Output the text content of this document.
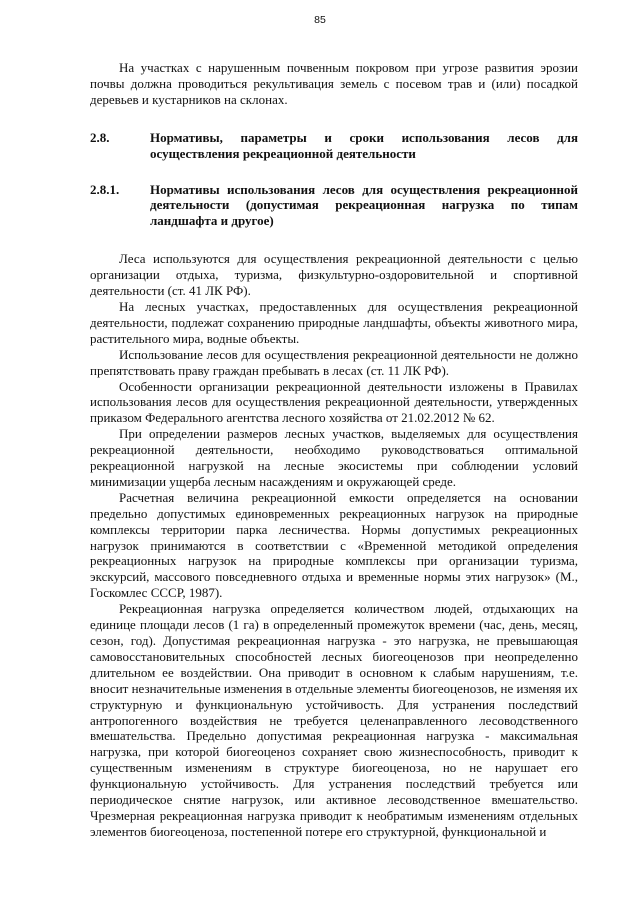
85

На участках с нарушенным почвенным покровом при угрозе развития эрозии почвы должна проводиться рекультивация земель с посевом трав и (или) посадкой деревьев и кустарников на склонах.

2.8.	Нормативы, параметры и сроки использования лесов для осуществления рекреационной деятельности
2.8.1.	Нормативы использования лесов для осуществления рекреационной деятельности (допустимая рекреационная нагрузка по типам ландшафта и другое)

Леса используются для осуществления рекреационной деятельности с целью организации отдыха, туризма, физкультурно-оздоровительной и спортивной деятельности (ст. 41 ЛК РФ).

На лесных участках, предоставленных для осуществления рекреационной деятельности, подлежат сохранению природные ландшафты, объекты животного мира, растительного мира, водные объекты.

Использование лесов для осуществления рекреационной деятельности не должно препятствовать праву граждан пребывать в лесах (ст. 11 ЛК РФ).

Особенности организации рекреационной деятельности изложены в Правилах использования лесов для осуществления рекреационной деятельности, утвержденных приказом Федерального агентства лесного хозяйства от 21.02.2012 № 62.

При определении размеров лесных участков, выделяемых для осуществления рекреационной деятельности, необходимо руководствоваться оптимальной рекреационной нагрузкой на лесные экосистемы при соблюдении условий минимизации ущерба лесным насаждениям и окружающей среде.

Расчетная величина рекреационной емкости определяется на основании предельно допустимых единовременных рекреационных нагрузок на природные комплексы территории парка лесничества. Нормы допустимых рекреационных нагрузок принимаются в соответствии с «Временной методикой определения рекреационных нагрузок на природные комплексы при организации туризма, экскурсий, массового повседневного отдыха и временные нормы этих нагрузок» (М., Госкомлес СССР, 1987).

Рекреационная нагрузка определяется количеством людей, отдыхающих на единице площади лесов (1 га) в определенный промежуток времени (час, день, месяц, сезон, год). Допустимая рекреационная нагрузка - это нагрузка, не превышающая самовосстановительных способностей лесных биогеоценозов при неопределенно длительном ее воздействии. Она приводит в основном к слабым нарушениям, т.е. вносит незначительные изменения в отдельные элементы биогеоценозов, не изменяя их структурную и функциональную устойчивость. Для устранения последствий антропогенного воздействия не требуется целенаправленного лесоводственного вмешательства. Предельно допустимая рекреационная нагрузка - максимальная нагрузка, при которой биогеоценоз сохраняет свою жизнеспособность, приводит к существенным изменениям в структуре биогеоценоза, но не нарушает его функциональную устойчивость. Для устранения последствий требуется или периодическое снятие нагрузок, или активное лесоводственное вмешательство. Чрезмерная рекреационная нагрузка приводит к необратимым изменениям отдельных элементов биогеоценоза, постепенной потере его структурной, функциональной и
